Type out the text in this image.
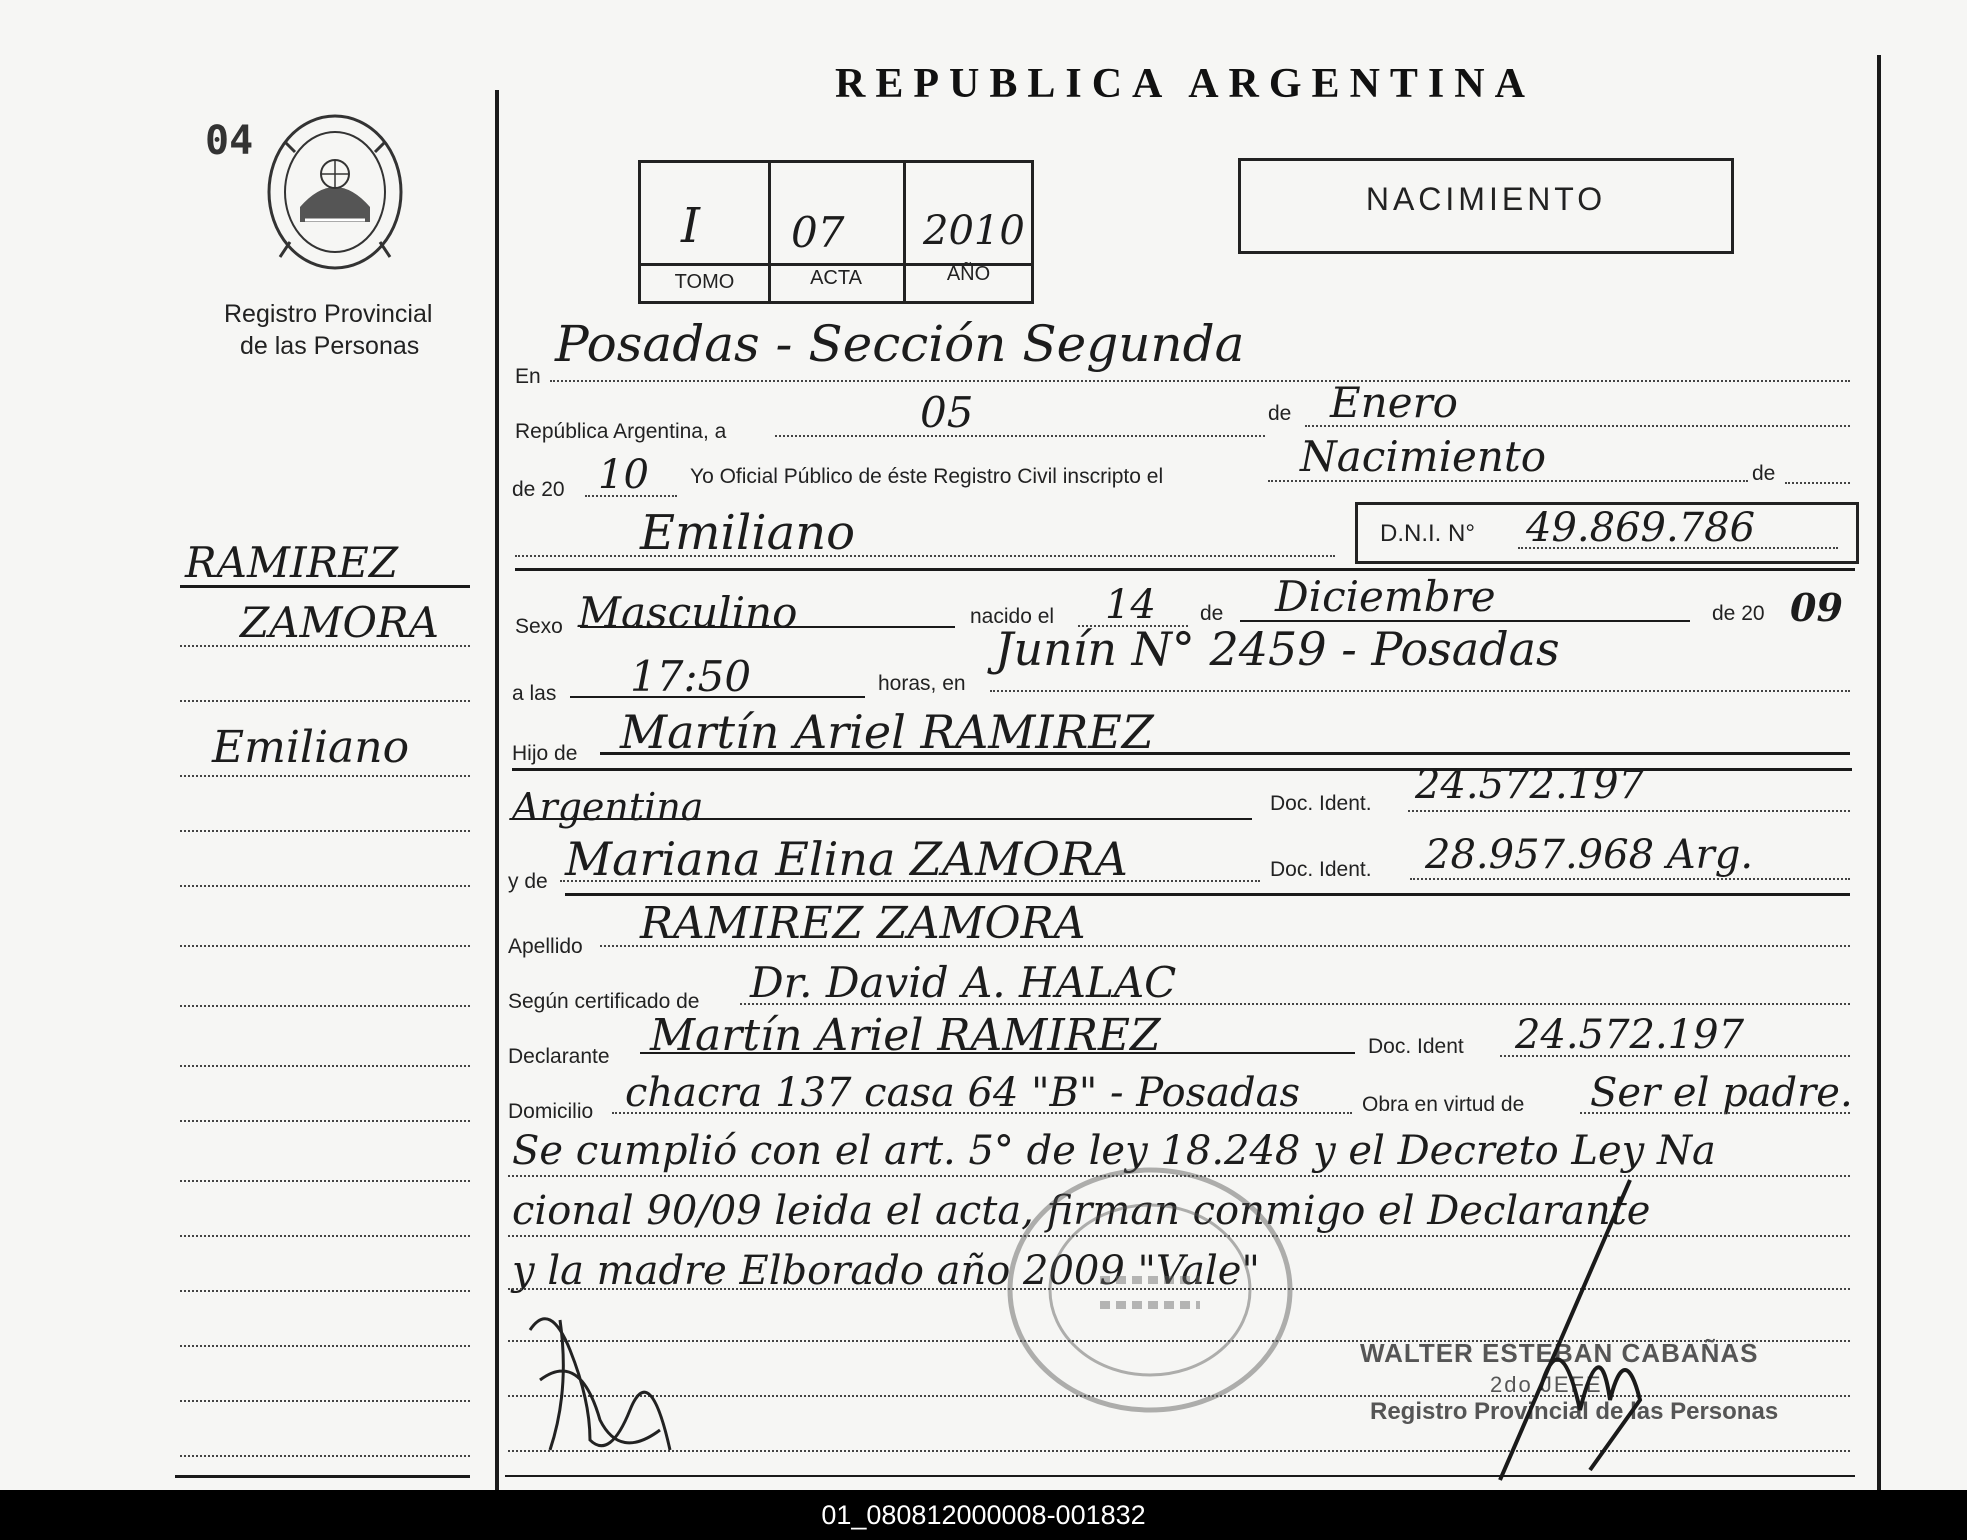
04
Registro Provincial
de las Personas
RAMIREZ
ZAMORA
Emiliano
REPUBLICA ARGENTINA
I 07 2010
TOMO	ACTA	AÑO
NACIMIENTO
En
Posadas - Sección Segunda
República Argentina, a	05	de Enero
de 20 10 Yo Oficial Público de éste Registro Civil inscripto el	Nacimiento	de
Emiliano	D.N.I. N° 49.869.786
Sexo Masculino	nacido el 14 de Diciembre	de 20 09
a las 17:50	horas, en
Junín N° 2459 - Posadas
Hijo de Martín Ariel RAMIREZ
Argentina	Doc. Ident. 24.572.197
y de Mariana Elina ZAMORA	Doc. Ident. 28.957.968 Arg.
Apellido RAMIREZ ZAMORA
Según certificado de Dr. David A. HALAC
Declarante Martín Ariel RAMIREZ	Doc. Ident 24.572.197
Domicilio chacra 137 casa 64 "B" - Posadas	Obra en virtud de Ser el padre.
Se cumplió con el art. 5° de ley 18.248 y el Decreto Ley Na
cional 90/09 leida el acta, firman conmigo el Declarante
y la madre Elborado año 2009 "Vale"
WALTER ESTEBAN CABAÑAS
2do JEFE
Registro Provincial de las Personas
01_080812000008-001832
